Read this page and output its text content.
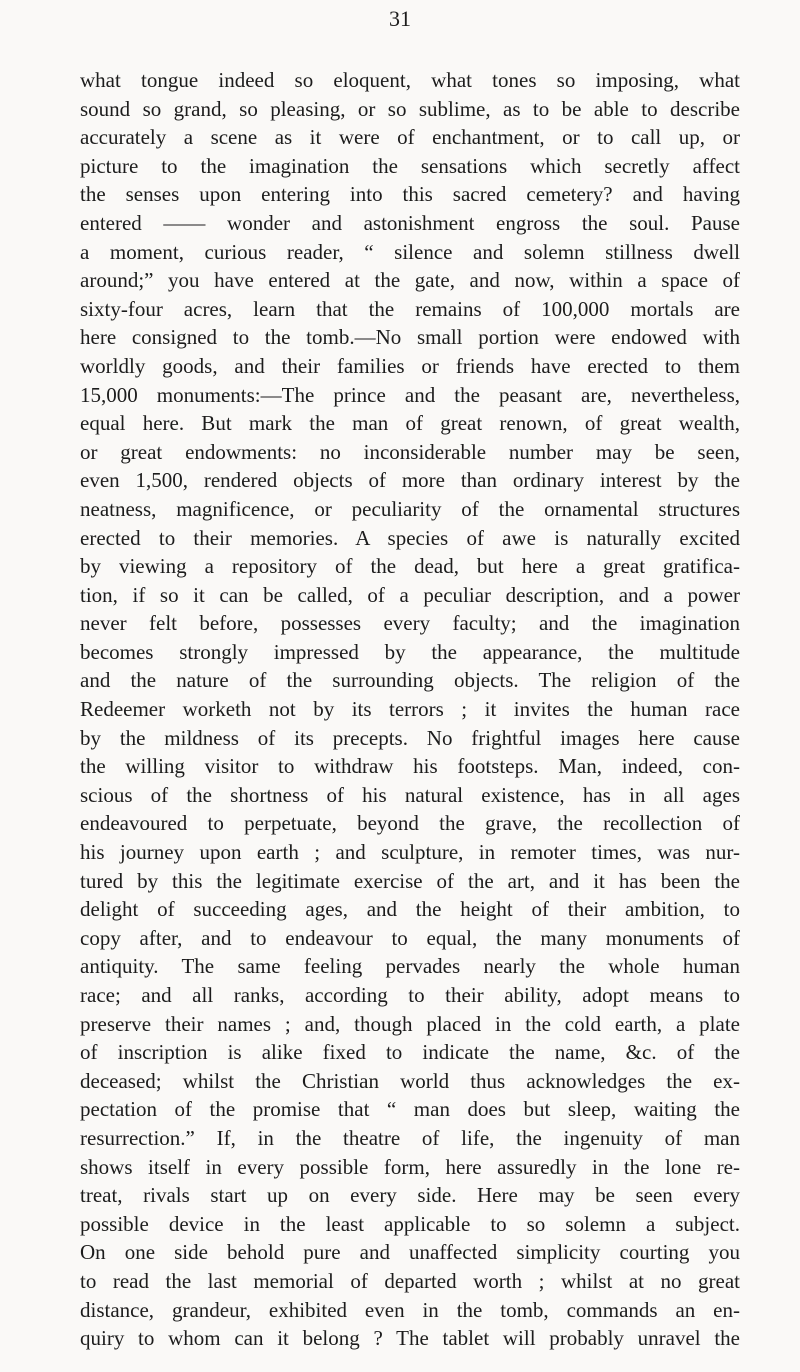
31
what tongue indeed so eloquent, what tones so imposing, what
sound so grand, so pleasing, or so sublime, as to be able to describe
accurately a scene as it were of enchantment, or to call up, or
picture to the imagination the sensations which secretly affect
the senses upon entering into this sacred cemetery? and having
entered —— wonder and astonishment engross the soul. Pause
a moment, curious reader, “ silence and solemn stillness dwell
around;” you have entered at the gate, and now, within a space of
sixty-four acres, learn that the remains of 100,000 mortals are
here consigned to the tomb.—No small portion were endowed with
worldly goods, and their families or friends have erected to them
15,000 monuments:—The prince and the peasant are, nevertheless,
equal here. But mark the man of great renown, of great wealth,
or great endowments: no inconsiderable number may be seen,
even 1,500, rendered objects of more than ordinary interest by the
neatness, magnificence, or peculiarity of the ornamental structures
erected to their memories. A species of awe is naturally excited
by viewing a repository of the dead, but here a great gratifica-
tion, if so it can be called, of a peculiar description, and a power
never felt before, possesses every faculty; and the imagination
becomes strongly impressed by the appearance, the multitude
and the nature of the surrounding objects. The religion of the
Redeemer worketh not by its terrors ; it invites the human race
by the mildness of its precepts. No frightful images here cause
the willing visitor to withdraw his footsteps. Man, indeed, con-
scious of the shortness of his natural existence, has in all ages
endeavoured to perpetuate, beyond the grave, the recollection of
his journey upon earth ; and sculpture, in remoter times, was nur-
tured by this the legitimate exercise of the art, and it has been the
delight of succeeding ages, and the height of their ambition, to
copy after, and to endeavour to equal, the many monuments of
antiquity. The same feeling pervades nearly the whole human
race; and all ranks, according to their ability, adopt means to
preserve their names ; and, though placed in the cold earth, a plate
of inscription is alike fixed to indicate the name, &c. of the
deceased; whilst the Christian world thus acknowledges the ex-
pectation of the promise that “ man does but sleep, waiting the
resurrection.” If, in the theatre of life, the ingenuity of man
shows itself in every possible form, here assuredly in the lone re-
treat, rivals start up on every side. Here may be seen every
possible device in the least applicable to so solemn a subject.
On one side behold pure and unaffected simplicity courting you
to read the last memorial of departed worth ; whilst at no great
distance, grandeur, exhibited even in the tomb, commands an en-
quiry to whom can it belong ? The tablet will probably unravel the
